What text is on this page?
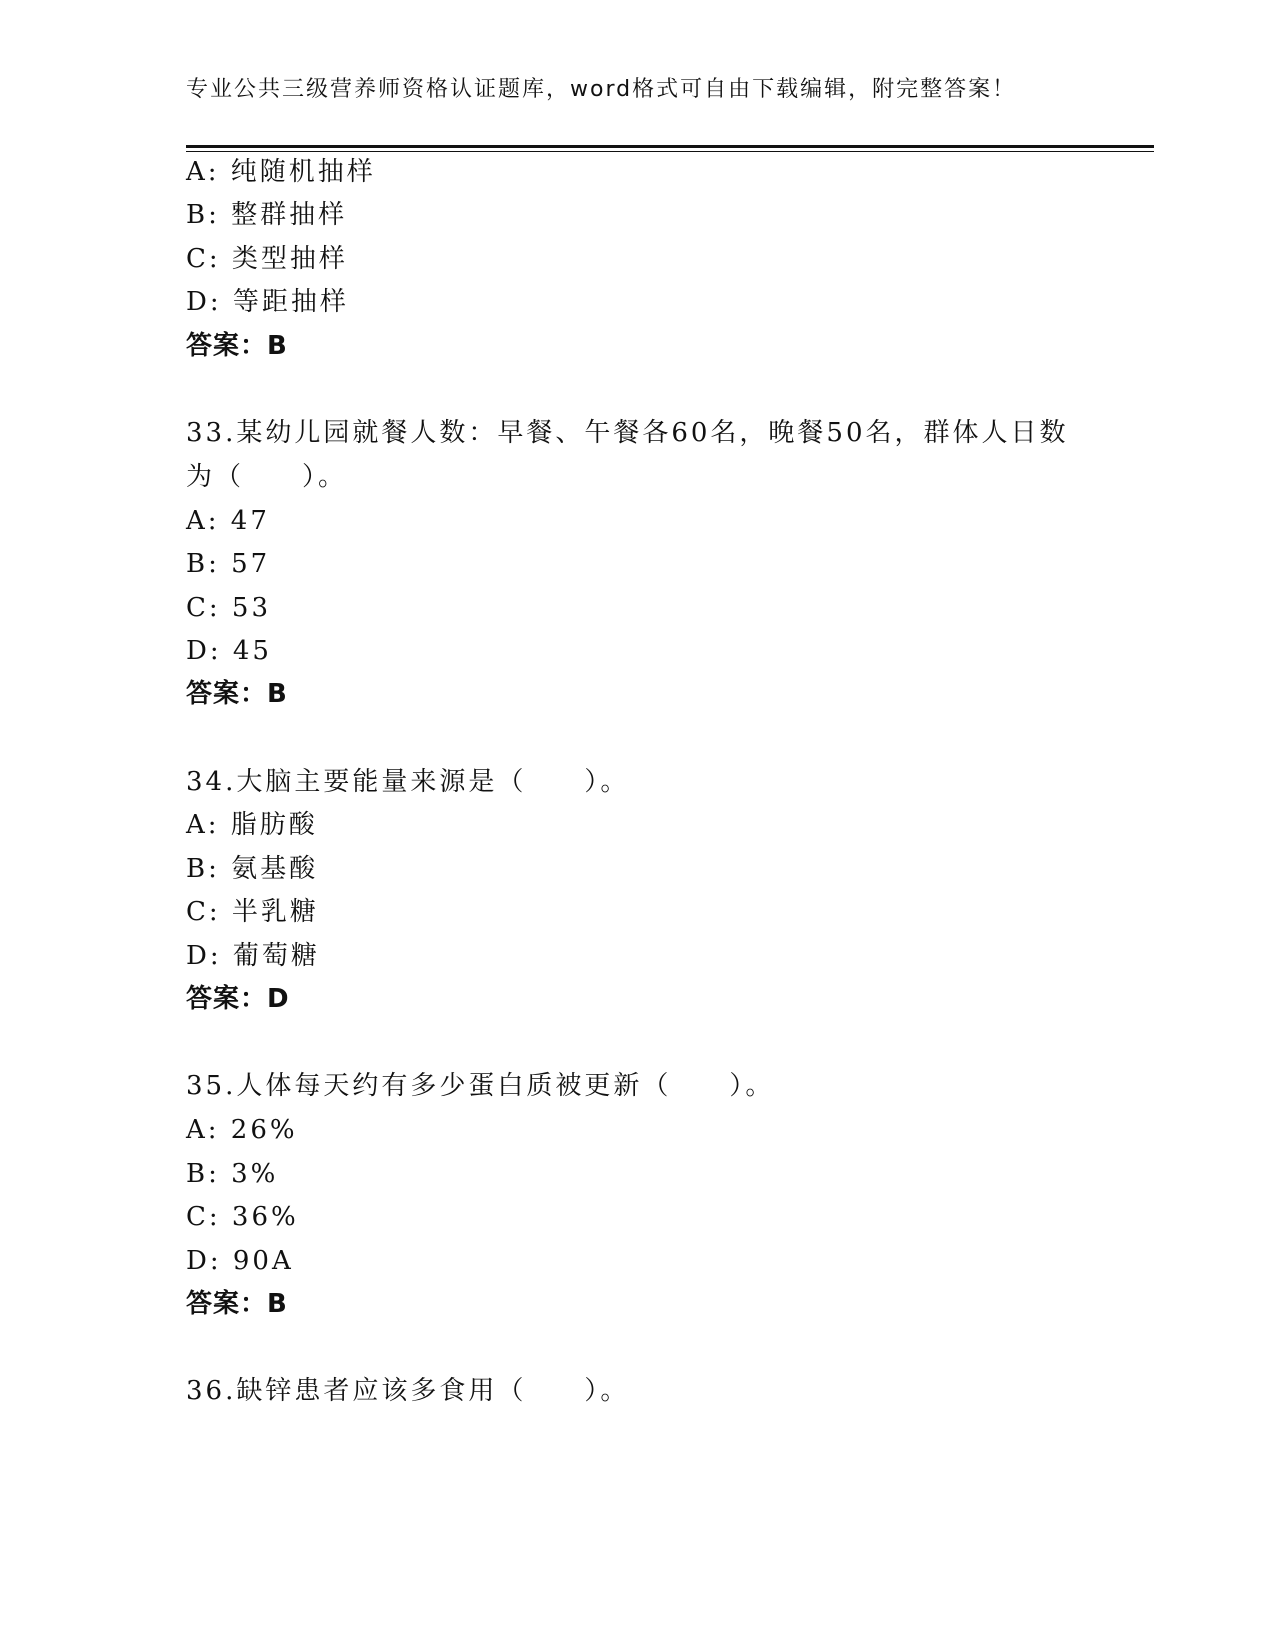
专业公共三级营养师资格认证题库，word格式可自由下载编辑，附完整答案！
A: 纯随机抽样
B: 整群抽样
C: 类型抽样
D: 等距抽样
答案：B
33.某幼儿园就餐人数：早餐、午餐各60名，晚餐50名，群体人日数
为（　　）。
A: 47
B: 57
C: 53
D: 45
答案：B
34.大脑主要能量来源是（　　）。
A: 脂肪酸
B: 氨基酸
C: 半乳糖
D: 葡萄糖
答案：D
35.人体每天约有多少蛋白质被更新（　　）。
A: 26%
B: 3%
C: 36%
D: 90A
答案：B
36.缺锌患者应该多食用（　　）。
